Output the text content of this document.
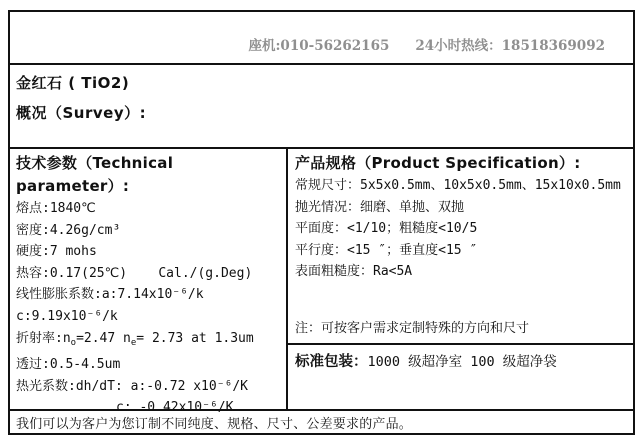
座机:010-56262165 24小时热线：18518369092
金红石 ( TiO2)
概况（Survey）:
技术参数（Technical parameter）:
熔点:1840℃
密度:4.26g/cm³
硬度:7 mohs
热容:0.17(25℃)    Cal./(g.Deg)
线性膨胀系数:a:7.14x10⁻⁶/k
c:9.19x10⁻⁶/k
折射率$:n_o=2.47$ $n_e= 2.73$ at 1.3um
透过:0.5-4.5um
热光系数:dh/dT: a:-0.72 x10⁻⁶/K
c: -0.42x10⁻⁶/K
产品规格（Product Specification）:
常规尺寸：5x5x0.5mm、10x5x0.5mm、15x10x0.5mm
抛光情况：细磨、单抛、双抛
平面度：<1/10；粗糙度<10/5
平行度：<15 ″；垂直度<15 ″
表面粗糙度：Ra<5A
注：可按客户需求定制特殊的方向和尺寸
标准包装：1000 级超净室 100 级超净袋
我们可以为客户为您订制不同纯度、规格、尺寸、公差要求的产品。
